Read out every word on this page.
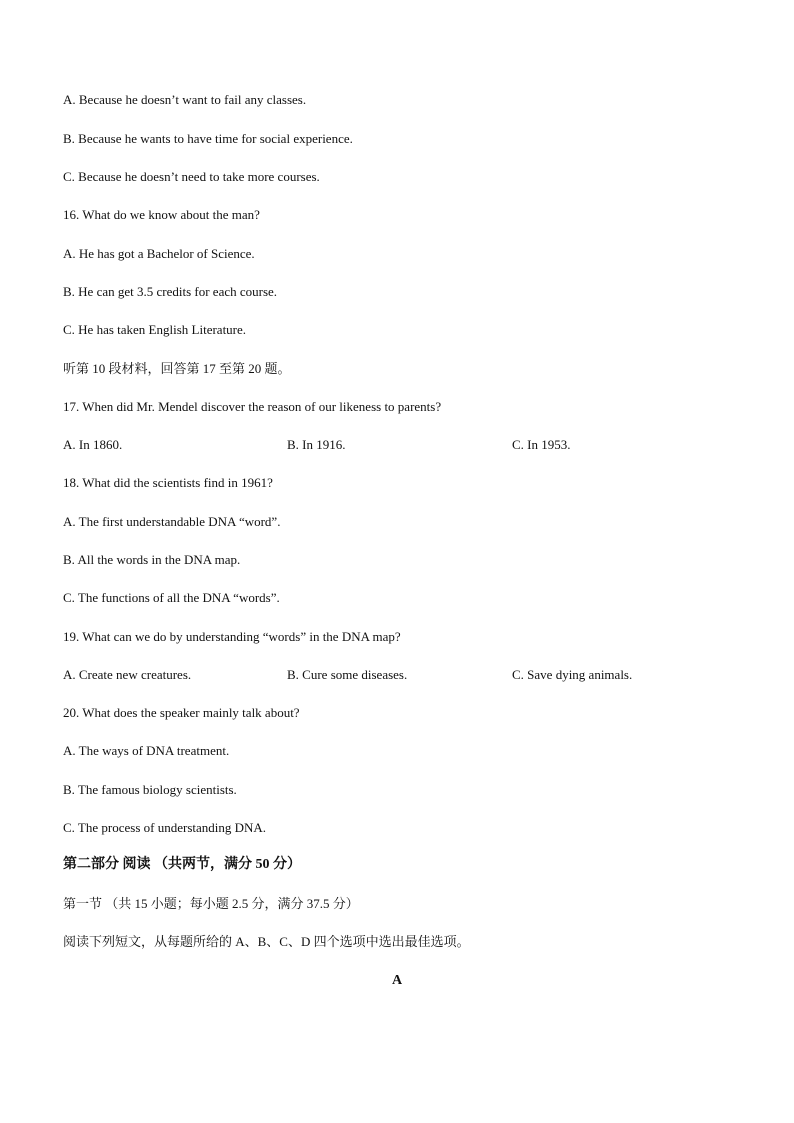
A. Because he doesn’t want to fail any classes.
B. Because he wants to have time for social experience.
C. Because he doesn’t need to take more courses.
16. What do we know about the man?
A. He has got a Bachelor of Science.
B. He can get 3.5 credits for each course.
C. He has taken English Literature.
听第 10 段材料，回答第 17 至第 20 题。
17. When did Mr. Mendel discover the reason of our likeness to parents?
A. In 1860.	B. In 1916.	C. In 1953.
18. What did the scientists find in 1961?
A. The first understandable DNA “word”.
B. All the words in the DNA map.
C. The functions of all the DNA “words”.
19. What can we do by understanding “words” in the DNA map?
A. Create new creatures.	B. Cure some diseases.	C. Save dying animals.
20. What does the speaker mainly talk about?
A. The ways of DNA treatment.
B. The famous biology scientists.
C. The process of understanding DNA.
第二部分 阅读 （共两节，满分 50 分）
第一节 （共 15 小题；每小题 2.5 分，满分 37.5 分）
阅读下列短文，从每题所给的 A、B、C、D 四个选项中选出最佳选项。
A
